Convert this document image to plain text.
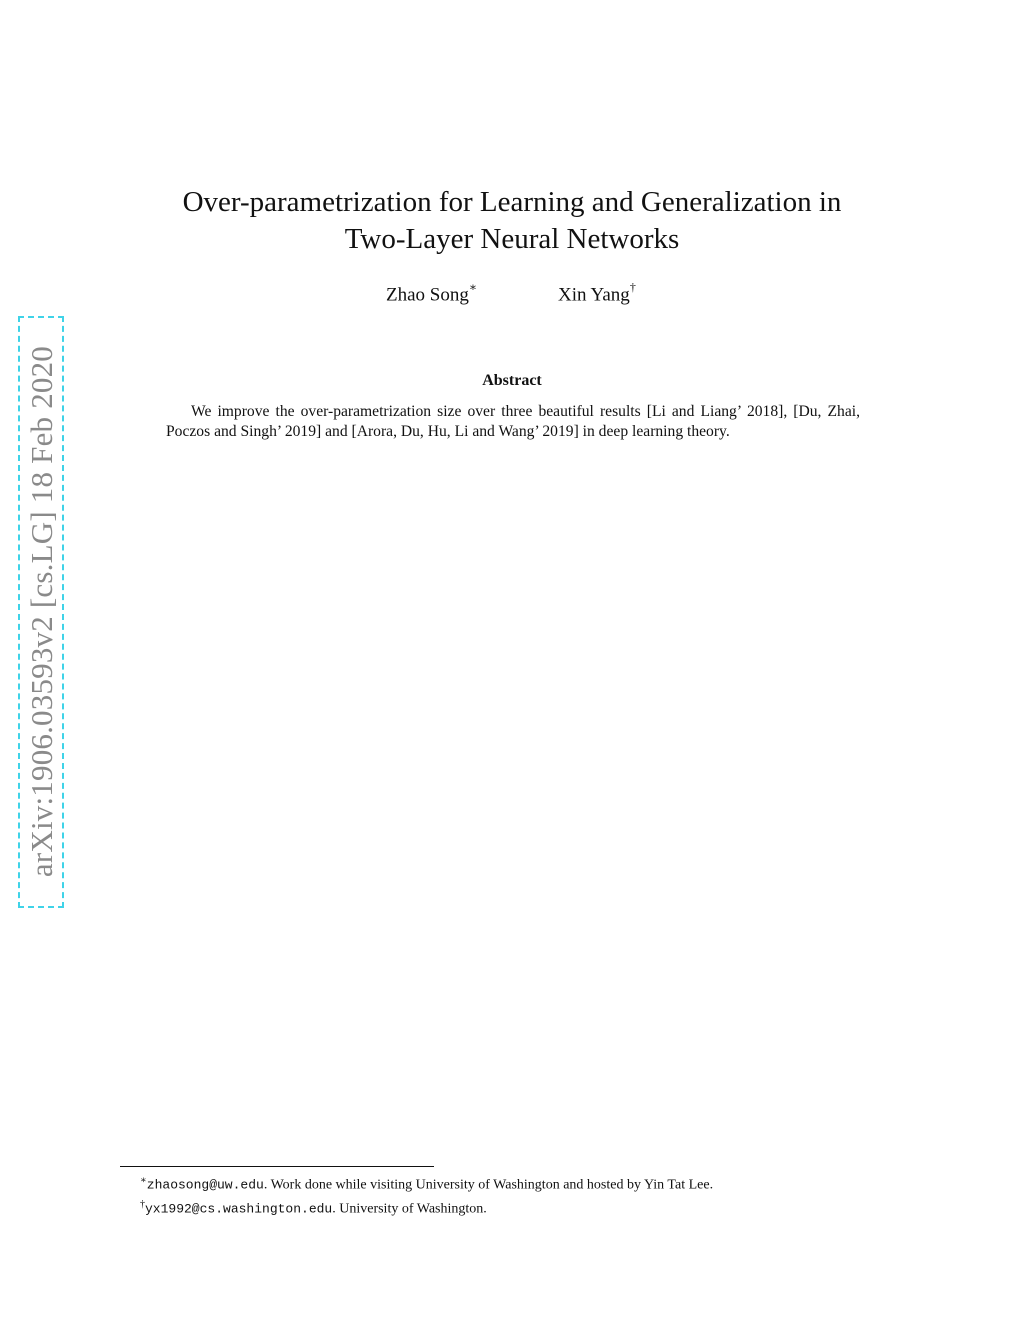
arXiv:1906.03593v2 [cs.LG] 18 Feb 2020
Over-parametrization for Learning and Generalization in
Two-Layer Neural Networks
Zhao Song∗	Xin Yang†
Abstract

We improve the over-parametrization size over three beautiful results [Li and Liang’ 2018], [Du, Zhai, Poczos and Singh’ 2019] and [Arora, Du, Hu, Li and Wang’ 2019] in deep learning theory.

∗zhaosong@uw.edu. Work done while visiting University of Washington and hosted by Yin Tat Lee.
†yx1992@cs.washington.edu. University of Washington.
